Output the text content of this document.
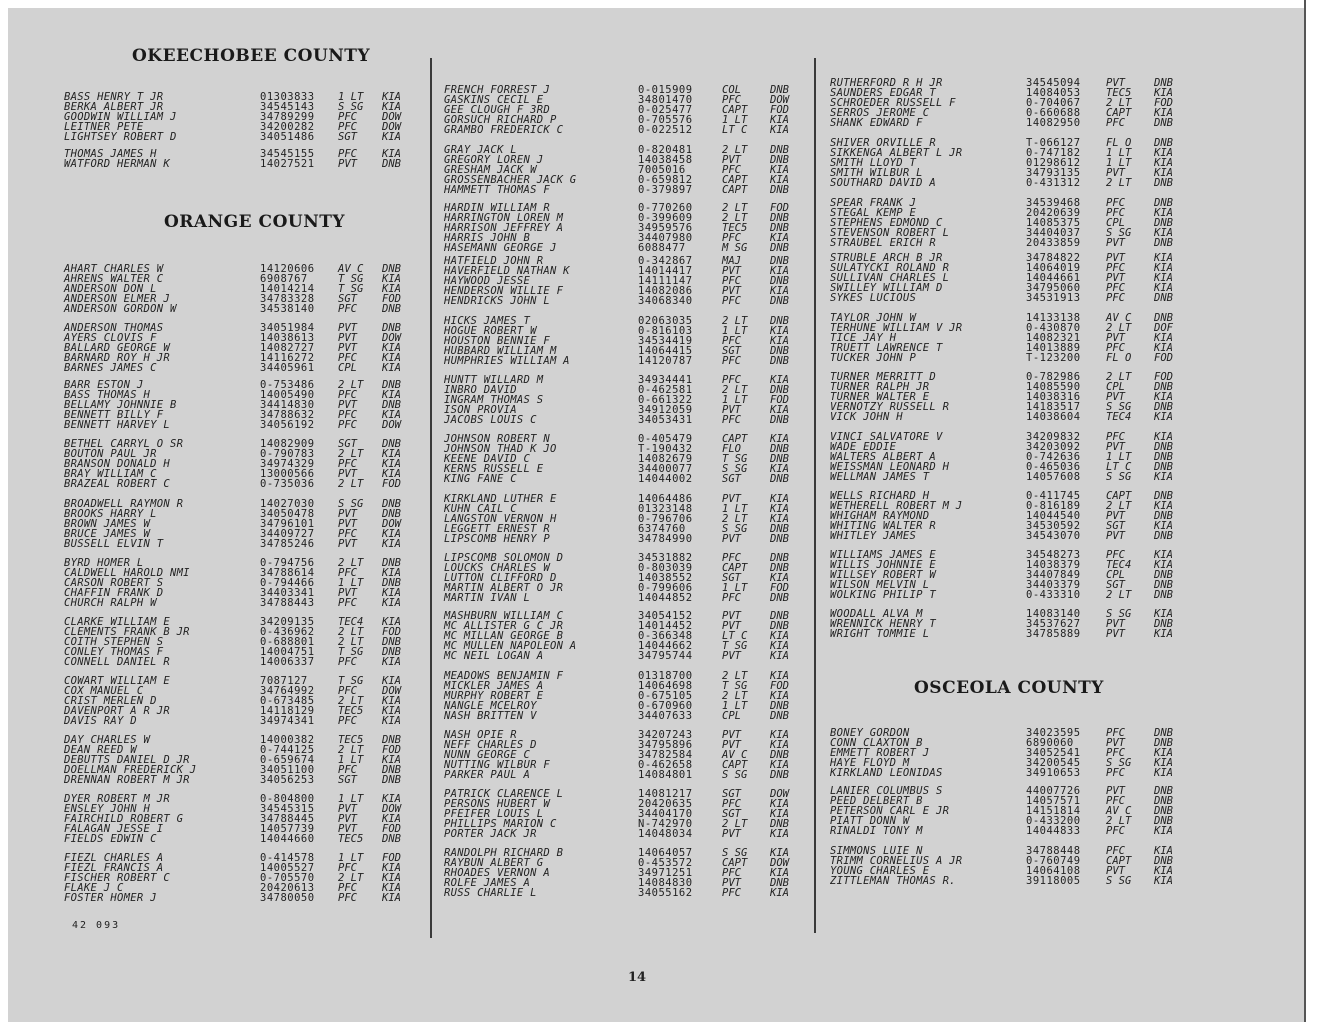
OKEECHOBEE COUNTY
BASS HENRY T JR	01303833 1 LT KIA
BERKA ALBERT JR	34545143 S SG KIA
GOODWIN WILLIAM J	34789299 PFC DOW
LEITNER PETE	34200282 PFC DOW
LIGHTSEY ROBERT D	34051486 SGT KIA
THOMAS JAMES H	34545155 PFC KIA
WATFORD HERMAN K	14027521 PVT DNB
ORANGE COUNTY
AHART CHARLES W	14120606 AV C DNB
AHRENS WALTER C	6908767	T SG KIA
ANDERSON DON L	14014214 T SG KIA
ANDERSON ELMER J	34783328 SGT FOD
ANDERSON GORDON W	34538140 PFC DNB
ANDERSON THOMAS	34051984 PVT DNB
AYERS CLOVIS F	14038613 PVT DOW
BALLARD GEORGE W	14082727 PVT KIA
BARNARD ROY H JR	14116272 PFC KIA
BARNES JAMES C	34405961 CPL KIA
BARR ESTON J	0-753486 2 LT DNB
BASS THOMAS H	14005490 PFC KIA
BELLAMY JOHNNIE B	34414830 PVT DNB
BENNETT BILLY F	34788632 PFC KIA
BENNETT HARVEY L	34056192 PFC DOW
BETHEL CARRYL O SR	14082909 SGT DNB
BOUTON PAUL JR	0-790783 2 LT KIA
BRANSON DONALD H	34974329 PFC KIA
BRAY WILLIAM C	13000566 PVT KIA
BRAZEAL ROBERT C	0-735036 2 LT FOD
BROADWELL RAYMON R	14027030 S SG DNB
BROOKS HARRY L	34050478 PVT DNB
BROWN JAMES W	34796101 PVT DOW
BRUCE JAMES W	34409727 PFC KIA
BUSSELL ELVIN T	34785246 PVT KIA
BYRD HOMER L	0-794756 2 LT DNB
CALDWELL HAROLD NMI	34788614 PFC KIA
CARSON ROBERT S	0-794466 1 LT DNB
CHAFFIN FRANK D	34403341 PVT KIA
CHURCH RALPH W	34788443 PFC KIA
CLARKE WILLIAM E	34209135 TEC4 KIA
CLEMENTS FRANK B JR	0-436962 2 LT FOD
COITH STEPHEN S	0-688801 2 LT DNB
CONLEY THOMAS F	14004751 T SG DNB
CONNELL DANIEL R	14006337 PFC KIA
COWART WILLIAM E	7087127	T SG KIA
COX MANUEL C	34764992 PFC DOW
CRIST MERLEN D	0-673485 2 LT KIA
DAVENPORT A R JR	14118129 TEC5 KIA
DAVIS RAY D	34974341 PFC KIA
DAY CHARLES W	14000382 TEC5 DNB
DEAN REED W	0-744125 2 LT FOD
DEBUTTS DANIEL D JR	0-659674 1 LT KIA
DOELLMAN FREDERICK J	34051100 PFC DNB
DRENNAN ROBERT M JR	34056253 SGT DNB
DYER ROBERT M JR	0-804800 1 LT KIA
ENSLEY JOHN H	34545315 PVT DOW
FAIRCHILD ROBERT G	34788445 PVT KIA
FALAGAN JESSE I	14057739 PVT FOD
FIELDS EDWIN C	14044660 TEC5 DNB
FIEZL CHARLES A	0-414578 1 LT FOD
FIEZL FRANCIS A	14005527 PFC KIA
FISCHER ROBERT C	0-705570 2 LT KIA
FLAKE J C	20420613 PFC KIA
FOSTER HOMER J	34780050 PFC KIA
FRENCH FORREST J	0-015909	COL	DNB
GASKINS CECIL E	34801470	PFC	DOW
GEE CLOUGH F 3RD	0-025477	CAPT FOD
GORSUCH RICHARD P	0-705576	1 LT KIA
GRAMBO FREDERICK C	0-022512	LT C KIA
GRAY JACK L	0-820481	2 LT DNB
GREGORY LOREN J	14038458	PVT	DNB
GRESHAM JACK W	7005016	PFC	KIA
GROSSENBACHER JACK G	0-659812	CAPT KIA
HAMMETT THOMAS F	0-379897	CAPT DNB
HARDIN WILLIAM R	0-770260	2 LT FOD
HARRINGTON LOREN M	0-399609	2 LT DNB
HARRISON JEFFREY A	34959576	TEC5 DNB
HARRIS JOHN B	34407980	PFC	KIA
HASEMANN GEORGE J	6088477	M SG DNB
HATFIELD JOHN R	0-342867	MAJ	DNB
HAVERFIELD NATHAN K	14014417	PVT	KIA
HAYWOOD JESSE	14111147	PFC	DNB
HENDERSON WILLIE F	14082086	PVT	KIA
HENDRICKS JOHN L	34068340	PFC	DNB
HICKS JAMES T	02063035	2 LT DNB
HOGUE ROBERT W	0-816103	1 LT KIA
HOUSTON BENNIE F	34534419	PFC	KIA
HUBBARD WILLIAM M	14064415	SGT	DNB
HUMPHRIES WILLIAM A	14120787	PFC	DNB
HUNTT WILLARD M	34934441	PFC	KIA
INBRO DAVID	0-462581	2 LT DNB
INGRAM THOMAS S	0-661322	1 LT FOD
ISON PROVIA	34912059	PVT	KIA
JACOBS LOUIS C	34053431	PFC	DNB
JOHNSON ROBERT N	0-405479	CAPT KIA
JOHNSON THAD K JO	T-190432	FLO	DNB
KEENE DAVID C	14082679	T SG DNB
KERNS RUSSELL E	34400077	S SG KIA
KING FANE C	14044002	SGT	DNB
KIRKLAND LUTHER E	14064486	PVT	KIA
KUHN CAIL C	01323148	1 LT KIA
LANGSTON VERNON H	0-796706	2 LT KIA
LEGGETT ERNEST R	6374760	S SG DNB
LIPSCOMB HENRY P	34784990	PVT	DNB
LIPSCOMB SOLOMON D	34531882	PFC	DNB
LOUCKS CHARLES W	0-803039	CAPT DNB
LUTTON CLIFFORD D	14038552	SGT	KIA
MARTIN ALBERT O JR	0-799606	1 LT FOD
MARTIN IVAN L	14044852	PFC	DNB
MASHBURN WILLIAM C	34054152	PVT	DNB
MC ALLISTER G C JR	14014452	PVT	DNB
MC MILLAN GEORGE B	0-366348	LT C KIA
MC MULLEN NAPOLEON A	14044662	T SG KIA
MC NEIL LOGAN A	34795744	PVT	KIA
MEADOWS BENJAMIN F	01318700	2 LT KIA
MICKLER JAMES A	14064698	T SG FOD
MURPHY ROBERT E	0-675105	2 LT KIA
NANGLE MCELROY	0-670960	1 LT DNB
NASH BRITTEN V	34407633	CPL	DNB
NASH OPIE R	34207243	PVT	KIA
NEFF CHARLES D	34795896	PVT	KIA
NUNN GEORGE C	34782584	AV C DNB
NUTTING WILBUR F	0-462658	CAPT KIA
PARKER PAUL A	14084801	S SG DNB
PATRICK CLARENCE L	14081217	SGT	DOW
PERSONS HUBERT W	20420635	PFC	KIA
PFEIFER LOUIS L	34404170	SGT	KIA
PHILLIPS MARION C	N-742970	2 LT DNB
PORTER JACK JR	14048034	PVT	KIA
RANDOLPH RICHARD B	14064057	S SG KIA
RAYBUN ALBERT G	0-453572	CAPT DOW
RHOADES VERNON A	34971251	PFC	KIA
ROLFE JAMES A	14084830	PVT	DNB
RUSS CHARLIE L	34055162	PFC	KIA
RUTHERFORD R H JR	34545094 PVT	DNB
SAUNDERS EDGAR T	14084053 TEC5 KIA
SCHROEDER RUSSELL F	0-704067 2 LT FOD
SERROS JEROME C	0-660688 CAPT KIA
SHANK EDWARD F	14082950 PFC	DNB
SHIVER ORVILLE R	T-066127 FL O DNB
SIKKENGA ALBERT L JR	0-747182 1 LT KIA
SMITH LLOYD T	01298612 1 LT KIA
SMITH WILBUR L	34793135 PVT	KIA
SOUTHARD DAVID A	0-431312 2 LT DNB
SPEAR FRANK J	34539468 PFC	DNB
STEGAL KEMP E	20420639 PFC	KIA
STEPHENS EDMOND C	14085375 CPL	DNB
STEVENSON ROBERT L	34404037 S SG KIA
STRAUBEL ERICH R	20433859 PVT	DNB
STRUBLE ARCH B JR	34784822 PVT	KIA
SULATYCKI ROLAND R	14064019 PFC	KIA
SULLIVAN CHARLES L	14044661 PVT	KIA
SWILLEY WILLIAM D	34795060 PFC	KIA
SYKES LUCIOUS	34531913 PFC	DNB
TAYLOR JOHN W	14133138 AV C DNB
TERHUNE WILLIAM V JR	0-430870 2 LT DOF
TICE JAY H	14082321 PVT	KIA
TRUETT LAWRENCE T	14013889 PFC	KIA
TUCKER JOHN P	T-123200 FL O FOD
TURNER MERRITT D	0-782986 2 LT FOD
TURNER RALPH JR	14085590 CPL	DNB
TURNER WALTER E	14038316 PVT	KIA
VERNOTZY RUSSELL R	14183517 S SG DNB
VICK JOHN H	14038604 TEC4 KIA
VINCI SALVATORE V	34209832 PFC	KIA
WADE EDDIE	34203092 PVT	DNB
WALTERS ALBERT A	0-742636 1 LT DNB
WEISSMAN LEONARD H	0-465036 LT C DNB
WELLMAN JAMES T	14057608 S SG KIA
WELLS RICHARD H	0-411745 CAPT DNB
WETHERELL ROBERT M J	0-816189 2 LT KIA
WHIGHAM RAYMOND	14044540 PVT	DNB
WHITING WALTER R	34530592 SGT	KIA
WHITLEY JAMES	34543070 PVT	DNB
WILLIAMS JAMES E	34548273 PFC	KIA
WILLIS JOHNNIE E	14038379 TEC4 KIA
WILLSEY ROBERT W	34407849 CPL	DNB
WILSON MELVIN L	34403379 SGT	DNB
WOLKING PHILIP T	0-433310 2 LT DNB
WOODALL ALVA M	14083140 S SG KIA
WRENNICK HENRY T	34537627 PVT	DNB
WRIGHT TOMMIE L	34785889 PVT	KIA
OSCEOLA COUNTY
BONEY GORDON	34023595 PFC	DNB
CONN CLAXTON B	6890060	PVT	DNB
EMMETT ROBERT J	34052541 PFC	KIA
HAYE FLOYD M	34200545 S SG KIA
KIRKLAND LEONIDAS	34910653 PFC	KIA
LANIER COLUMBUS S	44007726 PVT	DNB
PEED DELBERT B	14057571 PFC	DNB
PETERSON CARL E JR	14151814 AV C DNB
PIATT DONN W	0-433200 2 LT DNB
RINALDI TONY M	14044833 PFC	KIA
SIMMONS LUIE N	34788448 PFC	KIA
TRIMM CORNELIUS A JR	0-760749 CAPT DNB
YOUNG CHARLES E	14064108 PVT	KIA
ZITTLEMAN THOMAS R.	39118005 S SG KIA
42 093
14
